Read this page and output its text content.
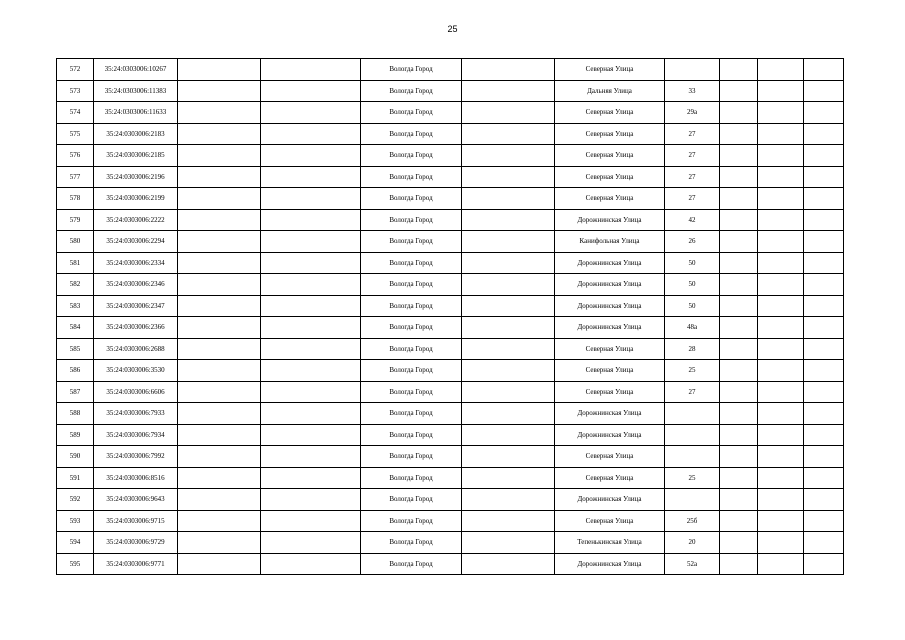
25
572	35:24:0303006:10267			Вологда Город		Северная Улица				
573	35:24:0303006:11383			Вологда Город		Дальняя Улица	33			
574	35:24:0303006:11633			Вологда Город		Северная Улица	29а			
575	35:24:0303006:2183			Вологда Город		Северная Улица	27			
576	35:24:0303006:2185			Вологда Город		Северная Улица	27			
577	35:24:0303006:2196			Вологда Город		Северная Улица	27			
578	35:24:0303006:2199			Вологда Город		Северная Улица	27			
579	35:24:0303006:2222			Вологда Город		Дорожнинская Улица	42			
580	35:24:0303006:2294			Вологда Город		Канифольная Улица	26			
581	35:24:0303006:2334			Вологда Город		Дорожнинская Улица	50			
582	35:24:0303006:2346			Вологда Город		Дорожнинская Улица	50			
583	35:24:0303006:2347			Вологда Город		Дорожнинская Улица	50			
584	35:24:0303006:2366			Вологда Город		Дорожнинская Улица	48а			
585	35:24:0303006:2688			Вологда Город		Северная Улица	28			
586	35:24:0303006:3530			Вологда Город		Северная Улица	25			
587	35:24:0303006:6606			Вологда Город		Северная Улица	27			
588	35:24:0303006:7933			Вологда Город		Дорожнинская Улица				
589	35:24:0303006:7934			Вологда Город		Дорожнинская Улица				
590	35:24:0303006:7992			Вологда Город		Северная Улица				
591	35:24:0303006:8516			Вологда Город		Северная Улица	25			
592	35:24:0303006:9643			Вологда Город		Дорожнинская Улица				
593	35:24:0303006:9715			Вологда Город		Северная Улица	25б			
594	35:24:0303006:9729			Вологда Город		Тепенькинская Улица	20			
595	35:24:0303006:9771			Вологда Город		Дорожнинская Улица	52а			
